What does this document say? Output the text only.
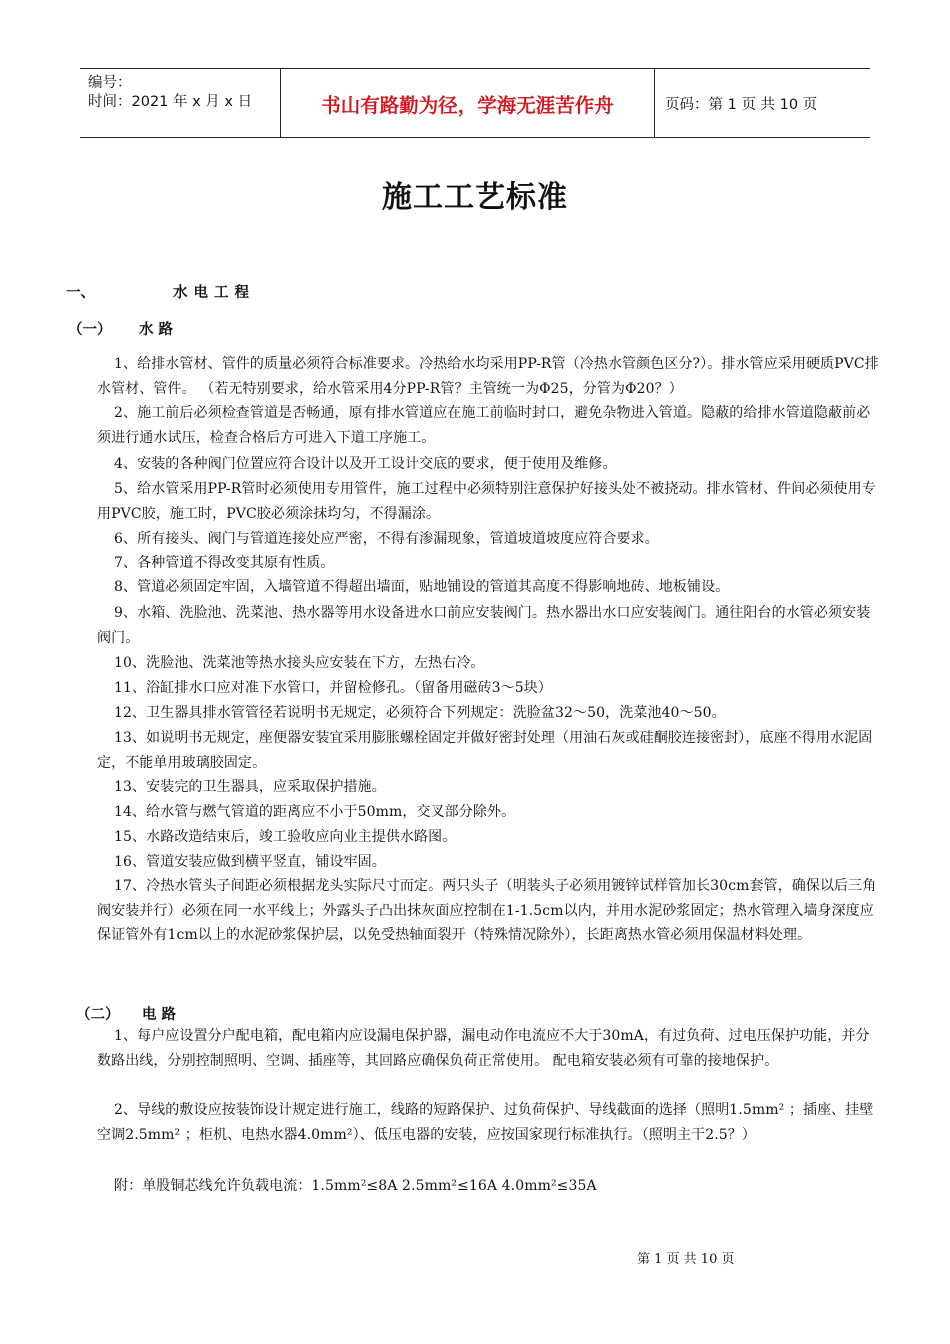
编号：
时间：2021 年 x 月 x 日	书山有路勤为径，学海无涯苦作舟	页码：第 1 页 共 10 页
施工工艺标准
一、	水电工程
（一） 水路

1、给排水管材、管件的质量必须符合标准要求。冷热给水均采用PP-R管（冷热水管颜色区分?）。排水管应采用硬质PVC排水管材、管件。 （若无特别要求，给水管采用4分PP-R管？主管统一为Φ25，分管为Φ20？）

2、施工前后必须检查管道是否畅通，原有排水管道应在施工前临时封口，避免杂物进入管道。隐蔽的给排水管道隐蔽前必须进行通水试压，检查合格后方可进入下道工序施工。

4、安装的各种阀门位置应符合设计以及开工设计交底的要求，便于使用及维修。

5、给水管采用PP-R管时必须使用专用管件，施工过程中必须特别注意保护好接头处不被挠动。排水管材、件间必须使用专用PVC胶，施工时，PVC胶必须涂抹均匀，不得漏涂。

6、所有接头、阀门与管道连接处应严密，不得有渗漏现象，管道坡道坡度应符合要求。

7、各种管道不得改变其原有性质。

8、管道必须固定牢固，入墙管道不得超出墙面，贴地铺设的管道其高度不得影响地砖、地板铺设。

9、水箱、洗脸池、洗菜池、热水器等用水设备进水口前应安装阀门。热水器出水口应安装阀门。通往阳台的水管必须安装阀门。

10、洗脸池、洗菜池等热水接头应安装在下方，左热右冷。

11、浴缸排水口应对准下水管口，并留检修孔。（留备用磁砖3～5块）

12、卫生器具排水管管径若说明书无规定，必须符合下列规定：洗脸盆32～50，洗菜池40～50。

13、如说明书无规定，座便器安装宜采用膨胀螺栓固定并做好密封处理（用油石灰或硅酮胶连接密封），底座不得用水泥固定，不能单用玻璃胶固定。

13、安装完的卫生器具，应采取保护措施。

14、给水管与燃气管道的距离应不小于50mm，交叉部分除外。

15、水路改造结束后，竣工验收应向业主提供水路图。

16、管道安装应做到横平竖直，铺设牢固。

17、冷热水管头子间距必须根据龙头实际尺寸而定。两只头子（明装头子必须用镀锌试样管加长30cm套管，确保以后三角阀安装并行）必须在同一水平线上；外露头子凸出抹灰面应控制在1-1.5cm以内，并用水泥砂浆固定；热水管理入墙身深度应保证管外有1cm以上的水泥砂浆保护层，以免受热轴面裂开（特殊情况除外），长距离热水管必须用保温材料处理。

（二） 电路

1、每户应设置分户配电箱，配电箱内应设漏电保护器，漏电动作电流应不大于30mA，有过负荷、过电压保护功能，并分数路出线，分别控制照明、空调、插座等，其回路应确保负荷正常使用。 配电箱安装必须有可靠的接地保护。

2、导线的敷设应按装饰设计规定进行施工，线路的短路保护、过负荷保护、导线截面的选择（照明1.5mm² ；插座、挂壁空调2.5mm² ；柜机、电热水器4.0mm²）、低压电器的安装，应按国家现行标准执行。（照明主干2.5？）

附：单股铜芯线允许负载电流：1.5mm²≤8A 2.5mm²≤16A 4.0mm²≤35A

第 1 页 共 10 页
